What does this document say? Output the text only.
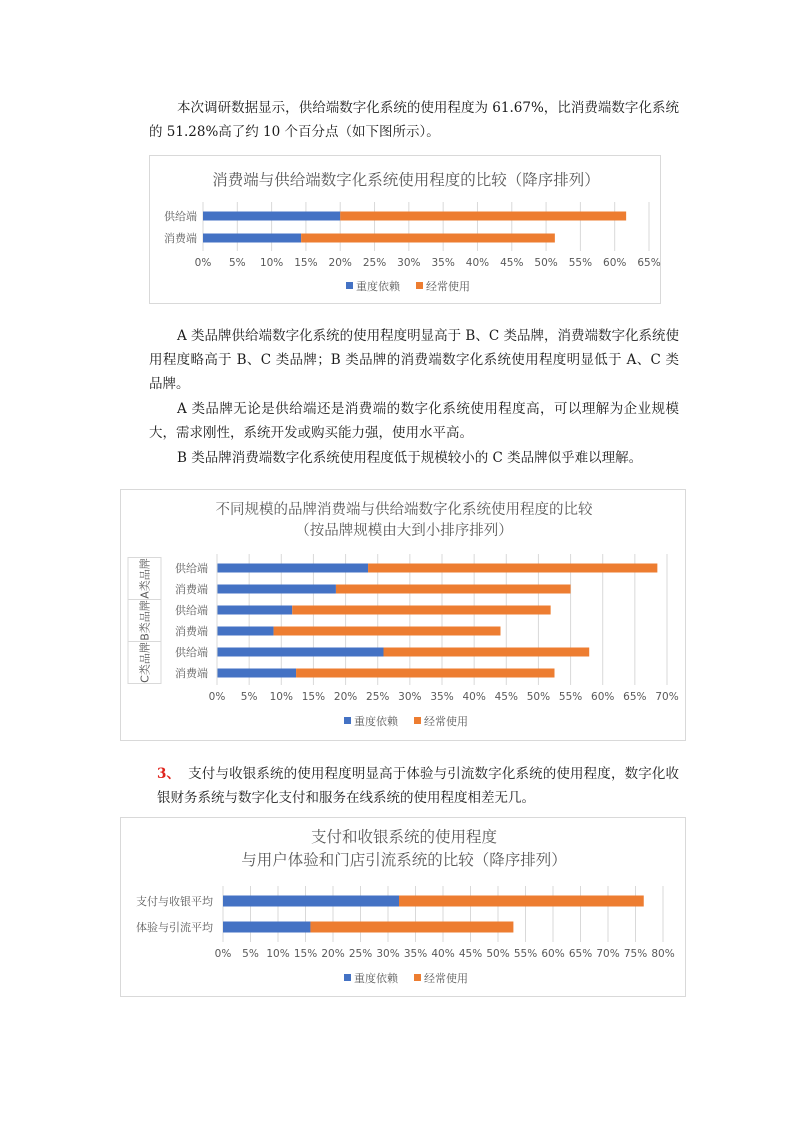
本次调研数据显示，供给端数字化系统的使用程度为 61.67%，比消费端数字化系统的 51.28%高了约 10 个百分点（如下图所示）。

消费端与供给端数字化系统使用程度的比较（降序排列）
0% 5% 10% 15% 20% 25% 30% 35% 40% 45% 50% 55% 60% 65%
供给端
消费端
重度依赖 经常使用

A 类品牌供给端数字化系统的使用程度明显高于 B、C 类品牌，消费端数字化系统使用程度略高于 B、C 类品牌；B 类品牌的消费端数字化系统使用程度明显低于 A、C 类品牌。

A 类品牌无论是供给端还是消费端的数字化系统使用程度高，可以理解为企业规模大，需求刚性，系统开发或购买能力强，使用水平高。

B 类品牌消费端数字化系统使用程度低于规模较小的 C 类品牌似乎难以理解。

不同规模的品牌消费端与供给端数字化系统使用程度的比较
（按品牌规模由大到小排序排列）
0% 5% 10% 15% 20% 25% 30% 35% 40% 45% 50% 55% 60% 65% 70%
供给端
消费端
供给端
消费端
供给端
消费端
A类品牌
B类品牌
C类品牌
重度依赖 经常使用
3、 支付与收银系统的使用程度明显高于体验与引流数字化系统的使用程度，数字化收银财务系统与数字化支付和服务在线系统的使用程度相差无几。
支付和收银系统的使用程度
与用户体验和门店引流系统的比较（降序排列）
0% 5% 10% 15% 20% 25% 30% 35% 40% 45% 50% 55% 60% 65% 70% 75% 80%
支付与收银平均
体验与引流平均
重度依赖 经常使用
